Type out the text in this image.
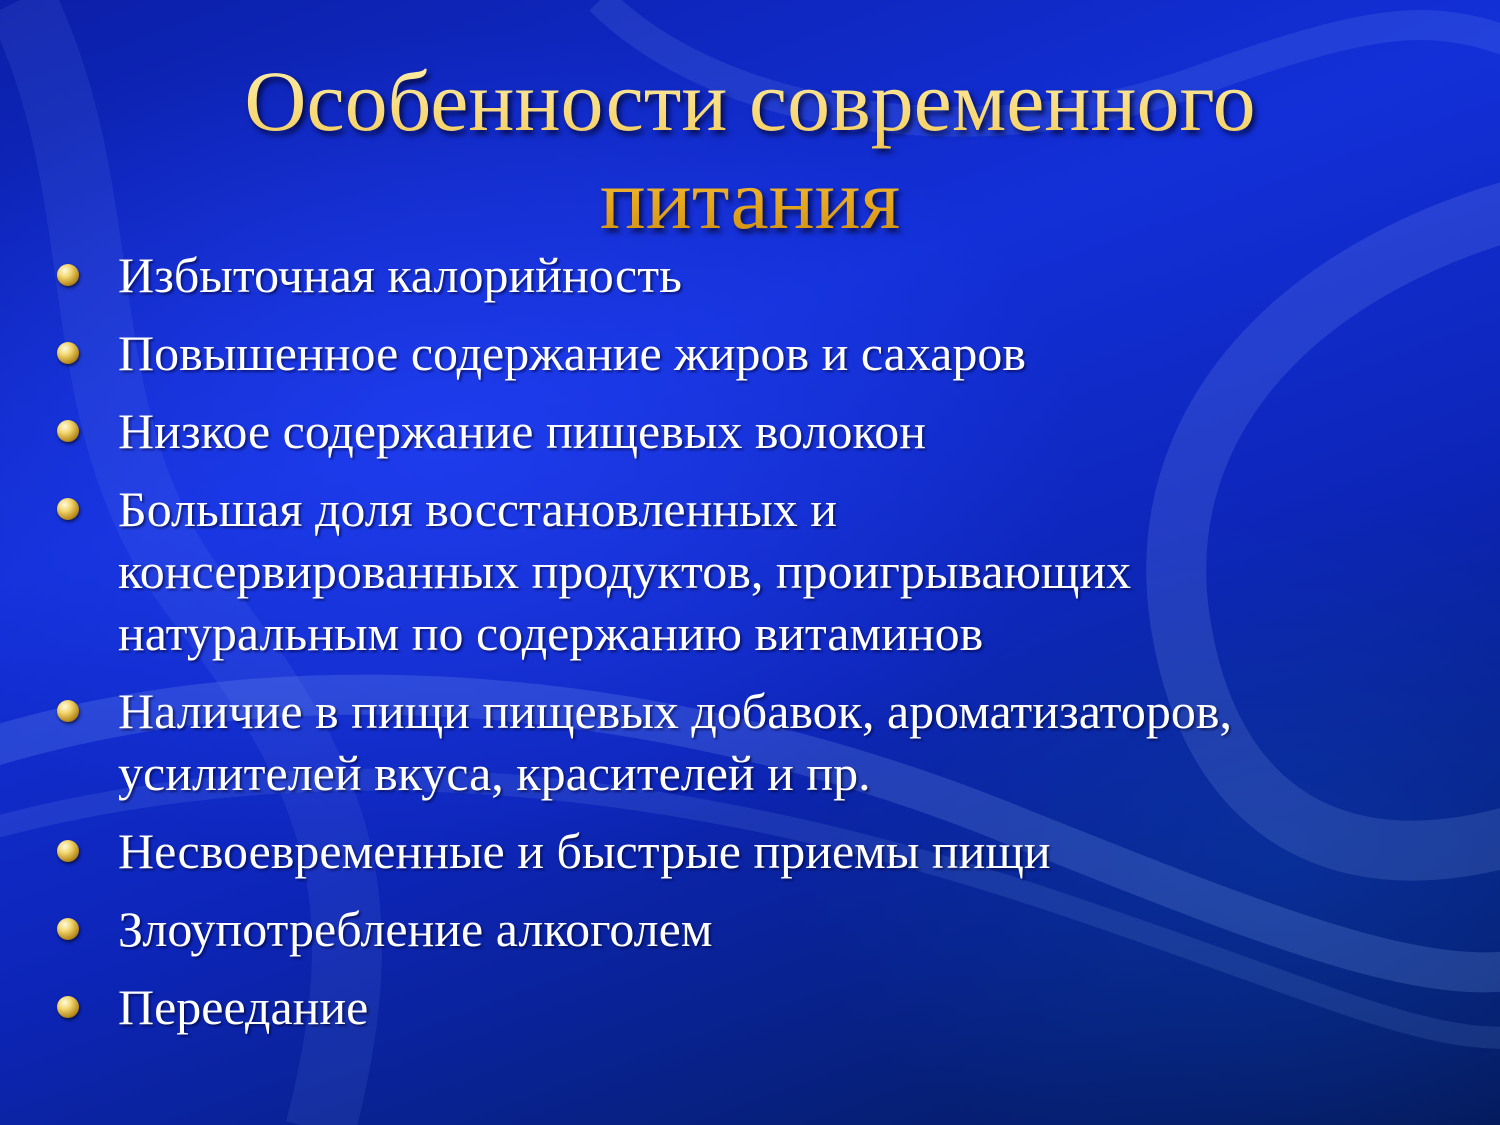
Особенности современного
питания
Избыточная калорийность
Повышенное содержание жиров и сахаров
Низкое содержание пищевых волокон
Большая доля восстановленных и
консервированных продуктов, проигрывающих
натуральным по содержанию витаминов
Наличие в пищи пищевых добавок, ароматизаторов,
усилителей вкуса, красителей и пр.
Несвоевременные и быстрые приемы пищи
Злоупотребление алкоголем
Переедание
